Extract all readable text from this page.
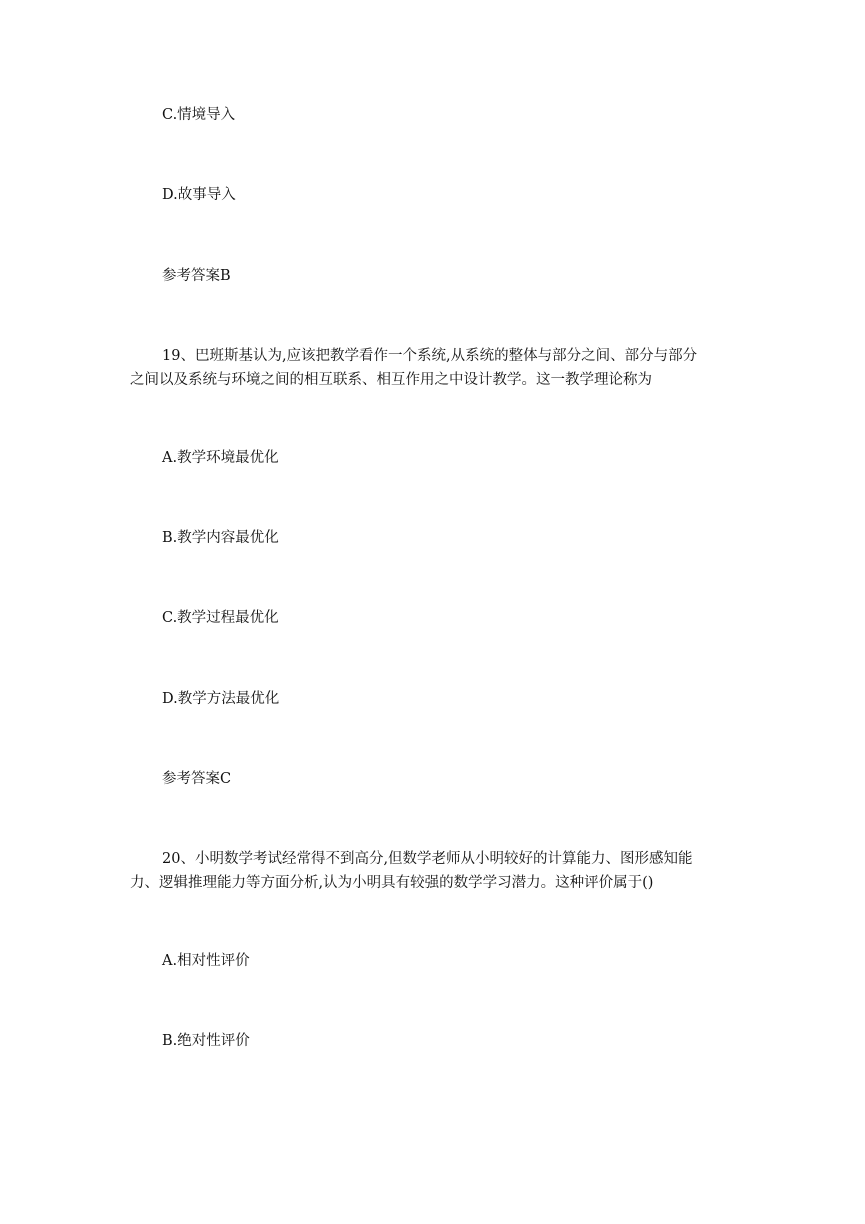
C.情境导入
D.故事导入
参考答案B
19、巴班斯基认为,应该把教学看作一个系统,从系统的整体与部分之间、部分与部分
之间以及系统与环境之间的相互联系、相互作用之中设计教学。这一教学理论称为
A.教学环境最优化
B.教学内容最优化
C.教学过程最优化
D.教学方法最优化
参考答案C
20、小明数学考试经常得不到高分,但数学老师从小明较好的计算能力、图形感知能
力、逻辑推理能力等方面分析,认为小明具有较强的数学学习潜力。这种评价属于()
A.相对性评价
B.绝对性评价
